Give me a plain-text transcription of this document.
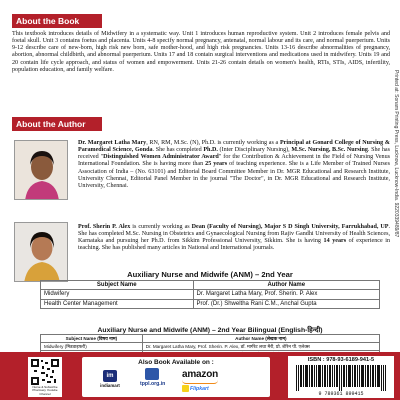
Printed at: Sonam Printing Press, Lucknow, Lucknow-India. 9220339489/87
About the Book

This textbook introduces details of Midwifery in a systematic way. Unit 1 introduces human reproductive system. Unit 2 introduces female pelvis and foetal skull. Unit 3 contains foetus and placenta. Units 4-8 specify normal pregnancy, antenatal, normal labour and its care, and normal puerperium. Units 9-12 describe care of new-born, high risk new born, safe mother-hood, and high risk pregnancies. Units 13-16 describe abnormalities of pregnancy, abortion, abnormal childbirth, and abnormal puerperium. Units 17 and 18 contain surgical interventions and medications used in midwifery. Units 19 and 20 contain life cycle approach, and status of women and empowerment. Units 21-26 contain details on women's health, RTIs, STIs, AIDS, infertility, population education, and family welfare.

About the Author

Dr. Margaret Latha Mary, RN, RM, M.Sc. (N), Ph.D. is currently working as a Principal at Gonard College of Nursing & Paramedical Science, Gonda. She has completed Ph.D. (Inter Disciplinary Nursing), M.Sc. Nursing, B.Sc. Nursing. She has received "Distinguished Women Administrator Award" for the Contribution & Achievement in the Field of Nursing Venus International Foundation. She is having more than 25 years of teaching experience. She is a Life Member of Trained Nurses Association of India – (No. 63101) and Editorial Board Committee Member in Dr. MGR Educational and Research Institute, University Chennai, Editorial Panel Member in the journal "The Doctor", in Dr. MGR Educational and Research Institute, University, Chennai.

Prof. Sherin P. Alex is currently working as Dean (Faculty of Nursing), Major S D Singh University, Farrukhabad, UP. She has completed M.Sc. Nursing in Obstetrics and Gynaecological Nursing from Rajiv Gandhi University of Health Sciences, Karnataka and pursuing her Ph.D. from Sikkim Professional University, Sikkim. She is having 14 years of experience in teaching. She has published many articles in National and International journals.

Auxiliary Nurse and Midwife (ANM) – 2nd Year
Subject Name	Author Name
Midwifery	Dr. Margaret Latha Mary, Prof. Sherin. P. Alex
Health Center Management	Prof. (Dr.) Shweltha Rani C.M., Anchal Gupta
Auxiliary Nurse and Midwife (ANM) – 2nd Year Bilingual (English-हिन्दी)
Subject Name (विषय नाम)	Author Name (लेखक नाम)
Midwifery (मिडवाइफरी)	Dr. Margaret Latha Mary, Prof. Sherin. P. Alex, डॉ. मार्गरेट लथा मैरी, प्रो. शेरिन पी. एलेक्स

Nurse & Subscribe Pharmacy Youtube Channel
Also Book Available on :
im
indiamart	tppl.org.in
amazon
Flipkart
ISBN : 978-93-6189-941-5
9 789361 899415
